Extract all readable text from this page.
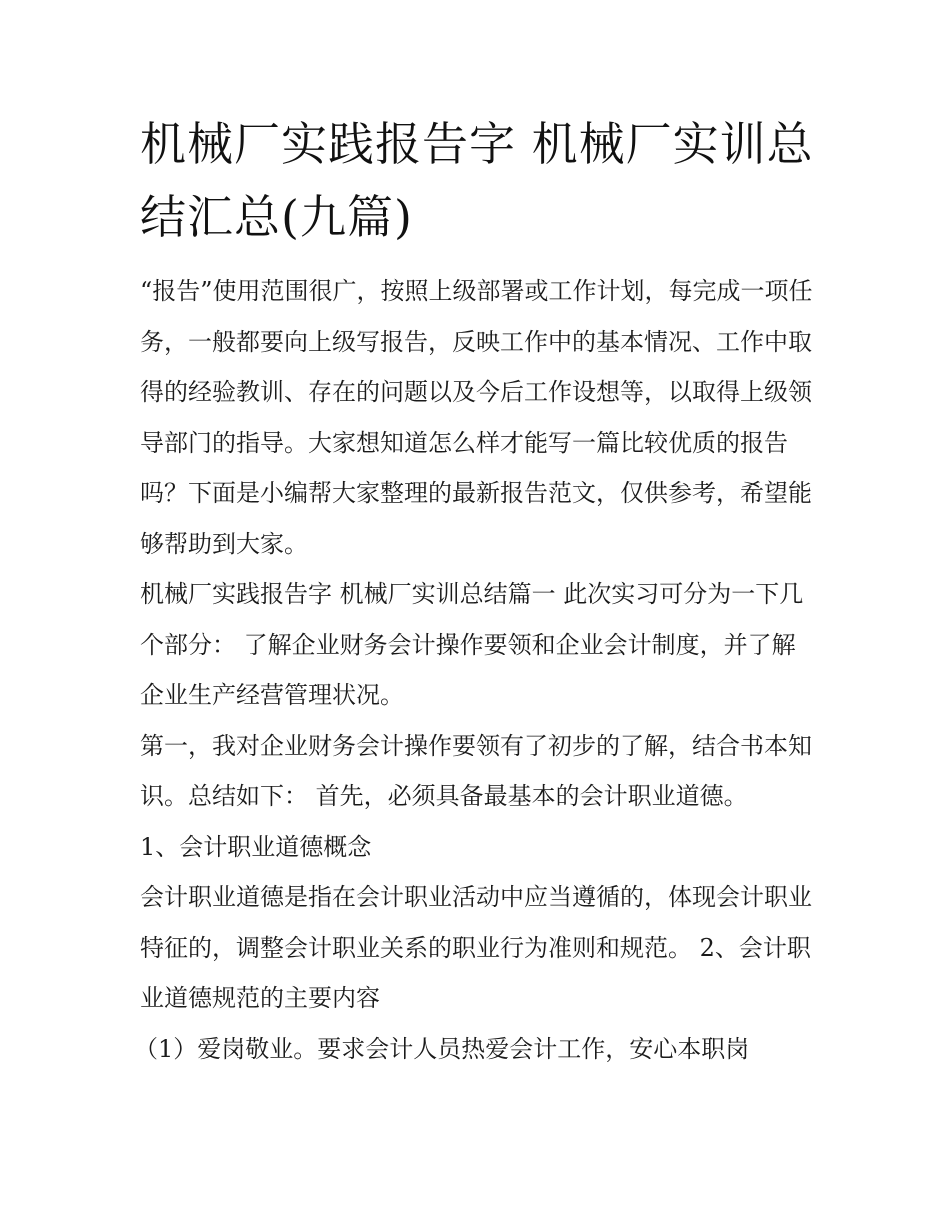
机械厂实践报告字 机械厂实训总结汇总(九篇)

“报告”使用范围很广，按照上级部署或工作计划，每完成一项任务，一般都要向上级写报告，反映工作中的基本情况、工作中取得的经验教训、存在的问题以及今后工作设想等，以取得上级领导部门的指导。大家想知道怎么样才能写一篇比较优质的报告吗？下面是小编帮大家整理的最新报告范文，仅供参考，希望能够帮助到大家。

机械厂实践报告字 机械厂实训总结篇一 此次实习可分为一下几个部分： 了解企业财务会计操作要领和企业会计制度，并了解企业生产经营管理状况。

第一，我对企业财务会计操作要领有了初步的了解，结合书本知识。总结如下： 首先，必须具备最基本的会计职业道德。

1、会计职业道德概念

会计职业道德是指在会计职业活动中应当遵循的，体现会计职业特征的，调整会计职业关系的职业行为准则和规范。 2、会计职业道德规范的主要内容

（1）爱岗敬业。要求会计人员热爱会计工作，安心本职岗
